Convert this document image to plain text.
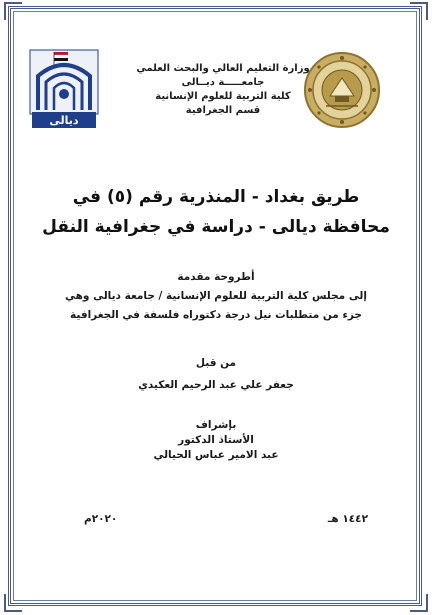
ديالى
وزارة التعليم العالي والبحث العلمي
جامعـــــة ديــالى
كلية التربية للعلوم الإنسانية
قسم الجغرافية
طريق بغداد - المنذرية رقم (٥) في
محافظة ديالى - دراسة في جغرافية النقل
أطروحة مقدمة
إلى مجلس كلية التربية للعلوم الإنسانية / جامعة ديالى وهي
جزء من متطلبات نيل درجة دكتوراه فلسفة في الجغرافية
من قبل
جعفر علي عبد الرحيم العكيدي
بإشراف
الأستاذ الدكتور
عبد الامير عباس الحيالي
١٤٤٢ هـ
٢٠٢٠م
